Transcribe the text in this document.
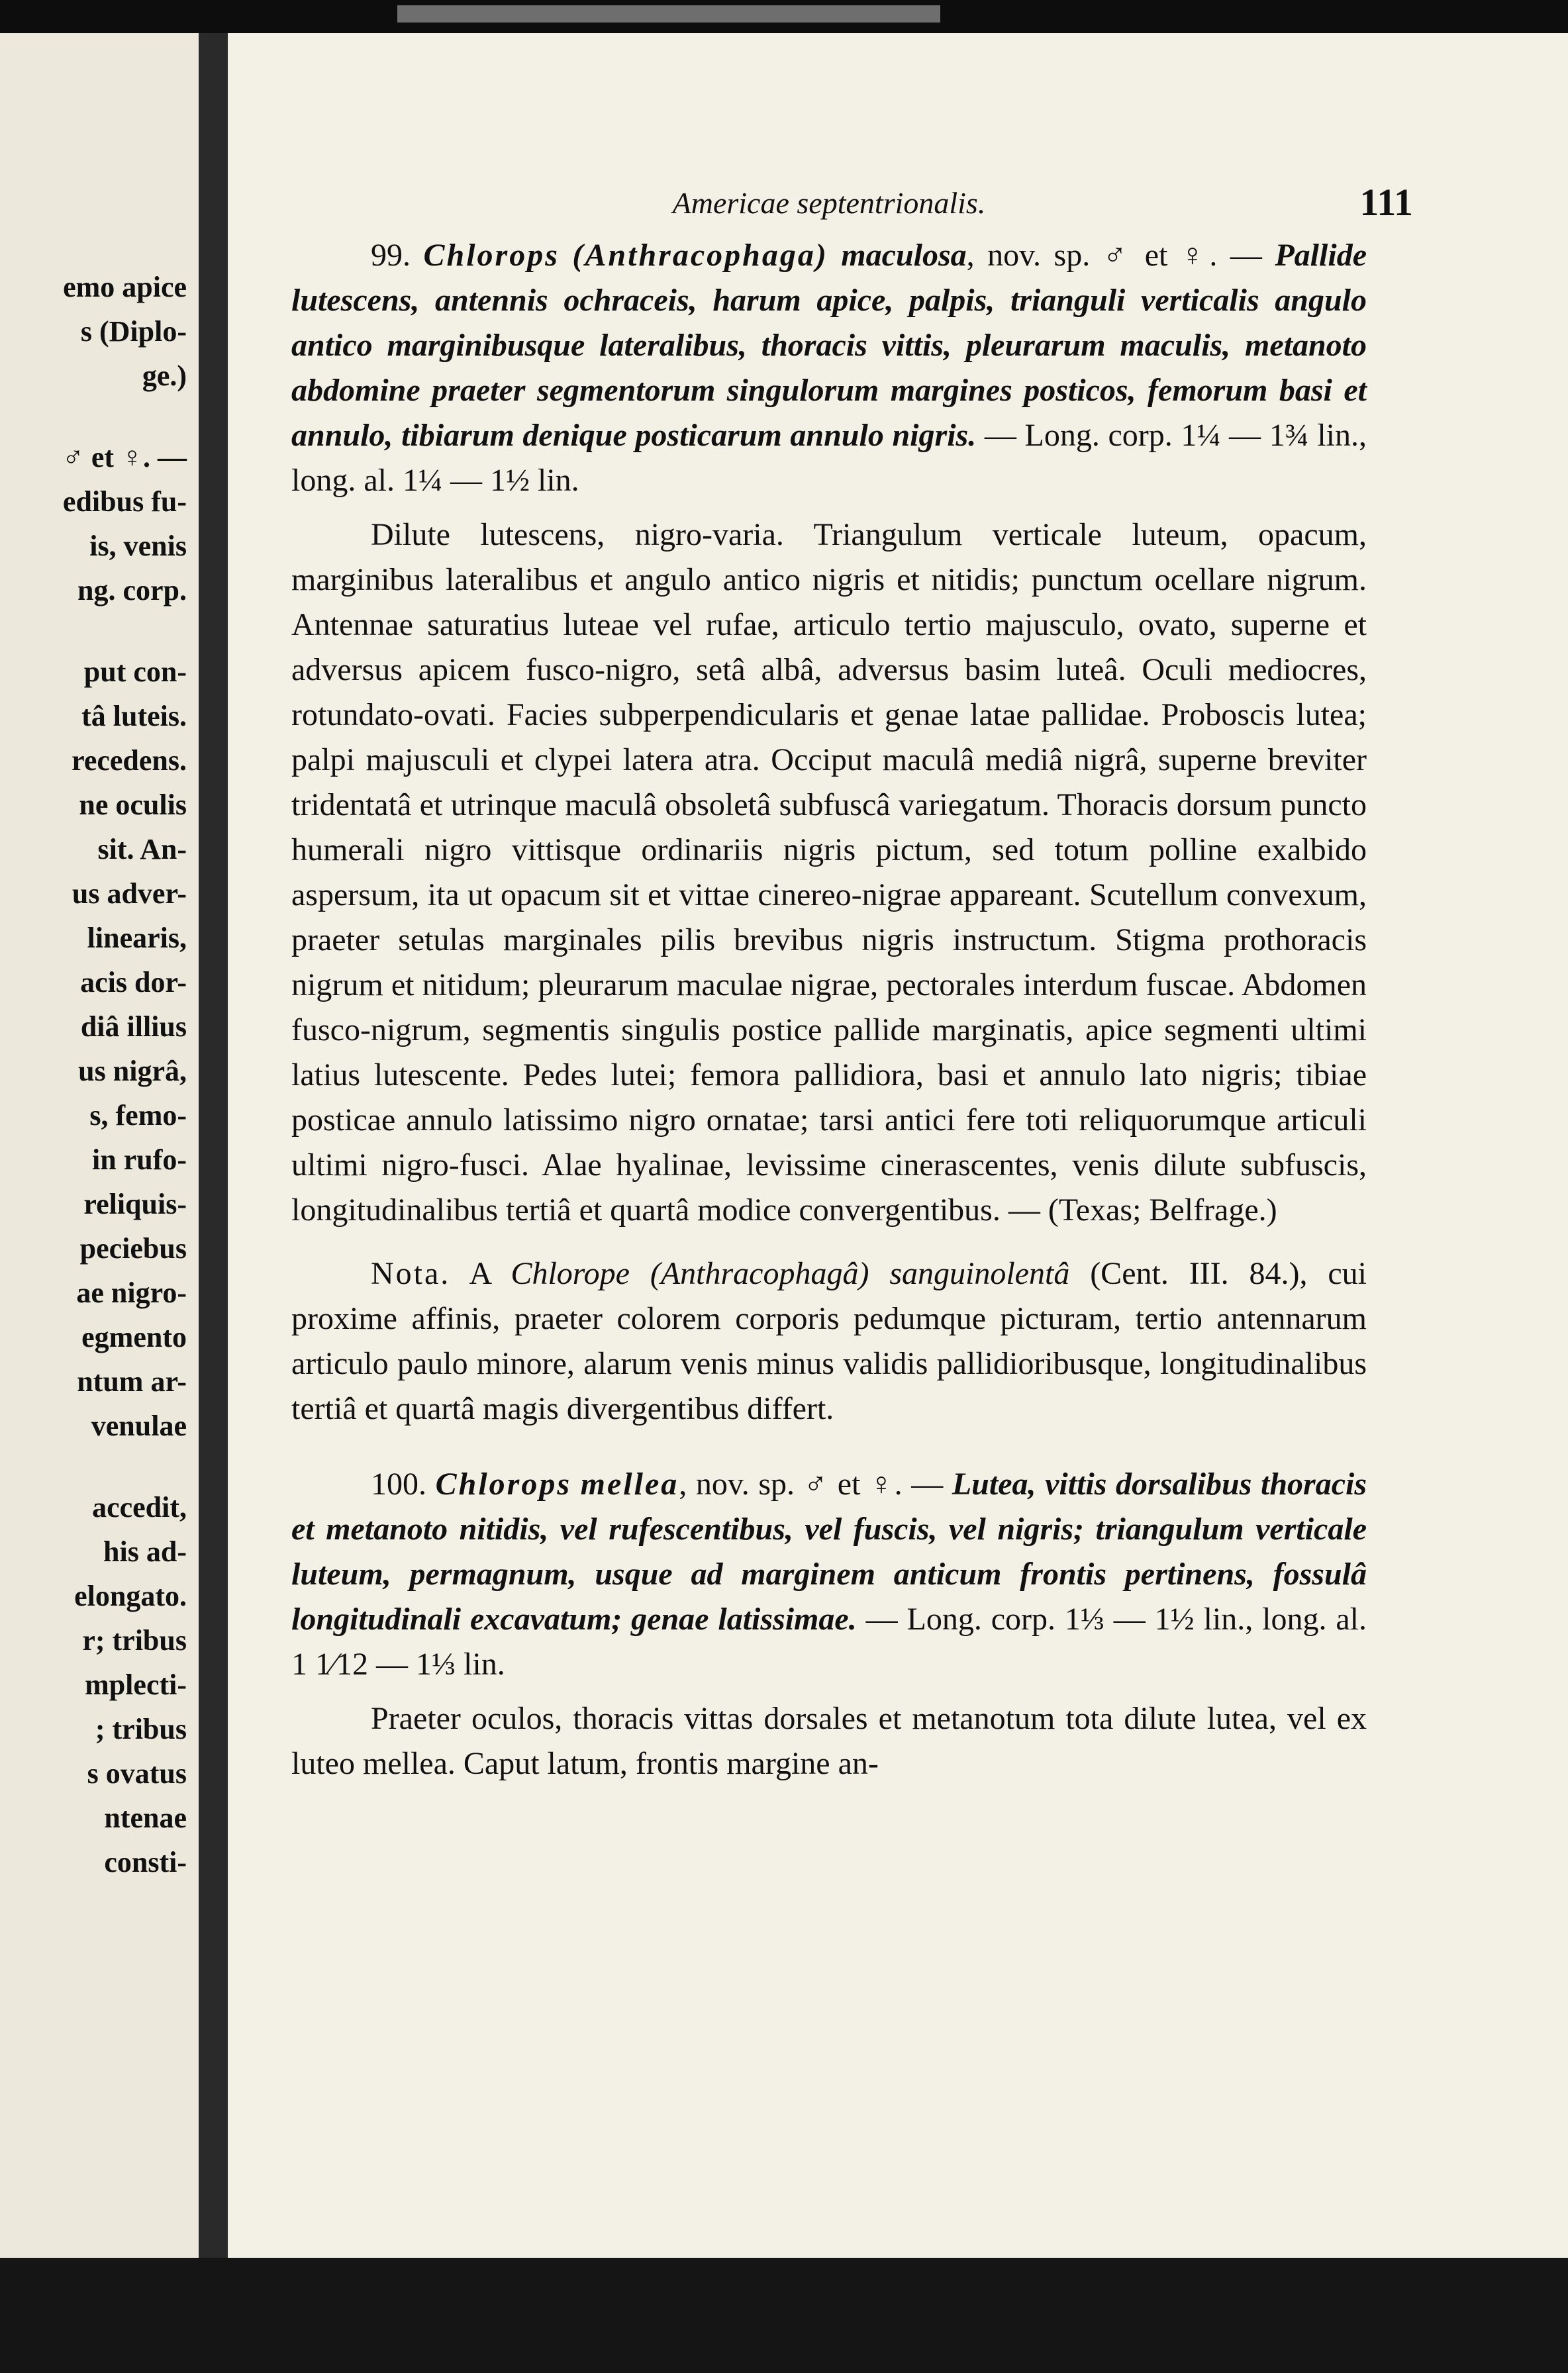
emo apice
s (Diplo-
ge.)
♂ et ♀. —
edibus fu-
is, venis
ng. corp.
put con-
tâ luteis.
recedens.
ne oculis
sit. An-
us adver-
linearis,
acis dor-
diâ illius
us nigrâ,
s, femo-
in rufo-
reliquis-
peciebus
ae nigro-
egmento
ntum ar-
venulae
accedit,
his ad-
elongato.
r; tribus
mplecti-
; tribus
s ovatus
ntenae
consti-
Americae septentrionalis.	111

99. Chlorops (Anthracophaga) maculosa, nov. sp. ♂ et ♀. — Pallide lutescens, antennis ochraceis, harum apice, palpis, trianguli verticalis angulo antico marginibusque lateralibus, thoracis vittis, pleurarum maculis, metanoto abdomine praeter segmentorum singulorum margines posticos, femorum basi et annulo, tibiarum denique posticarum annulo nigris. — Long. corp. 1¼ — 1¾ lin., long. al. 1¼ — 1½ lin.

Dilute lutescens, nigro-varia. Triangulum verticale luteum, opacum, marginibus lateralibus et angulo antico nigris et nitidis; punctum ocellare nigrum. Antennae saturatius luteae vel rufae, articulo tertio majusculo, ovato, superne et adversus apicem fusco-nigro, setâ albâ, adversus basim luteâ. Oculi mediocres, rotundato-ovati. Facies subperpendicularis et genae latae pallidae. Proboscis lutea; palpi majusculi et clypei latera atra. Occiput maculâ mediâ nigrâ, superne breviter tridentatâ et utrinque maculâ obsoletâ subfuscâ variegatum. Thoracis dorsum puncto humerali nigro vittisque ordinariis nigris pictum, sed totum polline exalbido aspersum, ita ut opacum sit et vittae cinereo-nigrae appareant. Scutellum convexum, praeter setulas marginales pilis brevibus nigris instructum. Stigma prothoracis nigrum et nitidum; pleurarum maculae nigrae, pectorales interdum fuscae. Abdomen fusco-nigrum, segmentis singulis postice pallide marginatis, apice segmenti ultimi latius lutescente. Pedes lutei; femora pallidiora, basi et annulo lato nigris; tibiae posticae annulo latissimo nigro ornatae; tarsi antici fere toti reliquorumque articuli ultimi nigro-fusci. Alae hyalinae, levissime cinerascentes, venis dilute subfuscis, longitudinalibus tertiâ et quartâ modice convergentibus. — (Texas; Belfrage.)

Nota. A Chlorope (Anthracophagâ) sanguinolentâ (Cent. III. 84.), cui proxime affinis, praeter colorem corporis pedumque picturam, tertio antennarum articulo paulo minore, alarum venis minus validis pallidioribusque, longitudinalibus tertiâ et quartâ magis divergentibus differt.

100. Chlorops mellea, nov. sp. ♂ et ♀. — Lutea, vittis dorsalibus thoracis et metanoto nitidis, vel rufescentibus, vel fuscis, vel nigris; triangulum verticale luteum, permagnum, usque ad marginem anticum frontis pertinens, fossulâ longitudinali excavatum; genae latissimae. — Long. corp. 1⅓ — 1½ lin., long. al. 1 1⁄12 — 1⅓ lin.

Praeter oculos, thoracis vittas dorsales et metanotum tota dilute lutea, vel ex luteo mellea. Caput latum, frontis margine an-
